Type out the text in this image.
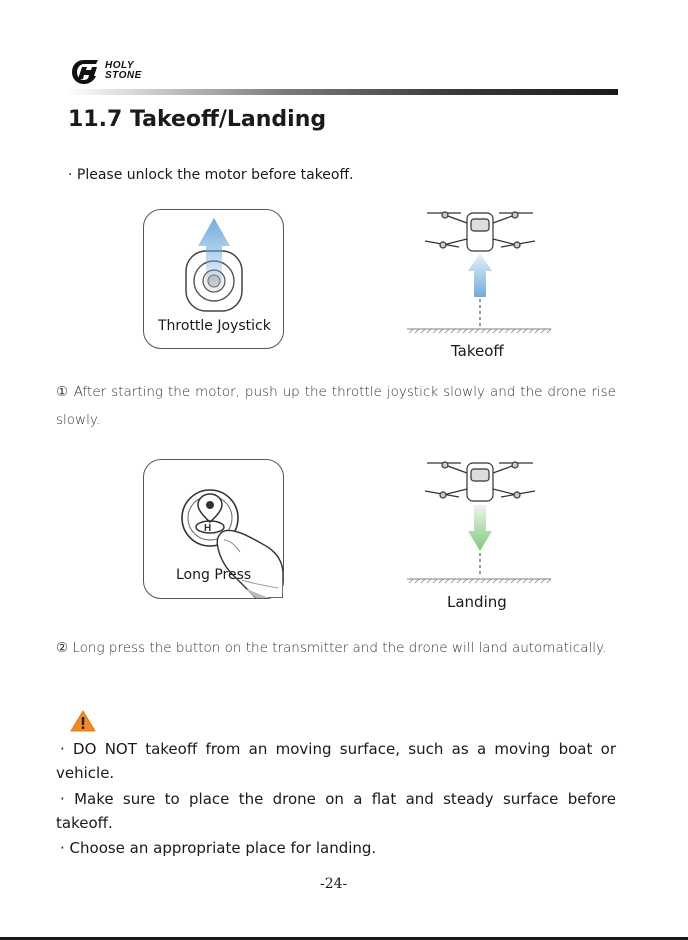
HOLY
STONE
11.7 Takeoff/Landing
· Please unlock the motor before takeoff.
Throttle Joystick
Takeoff
① After starting the motor, push up the throttle joystick slowly and the drone rise slowly.
H
Long Press
Landing
② Long press the button on the transmitter and the drone will land automatically.
· DO NOT takeoff from an moving surface, such as a moving boat or vehicle.
· Make sure to place the drone on a flat and steady surface before takeoff.
· Choose an appropriate place for landing.
-24-
